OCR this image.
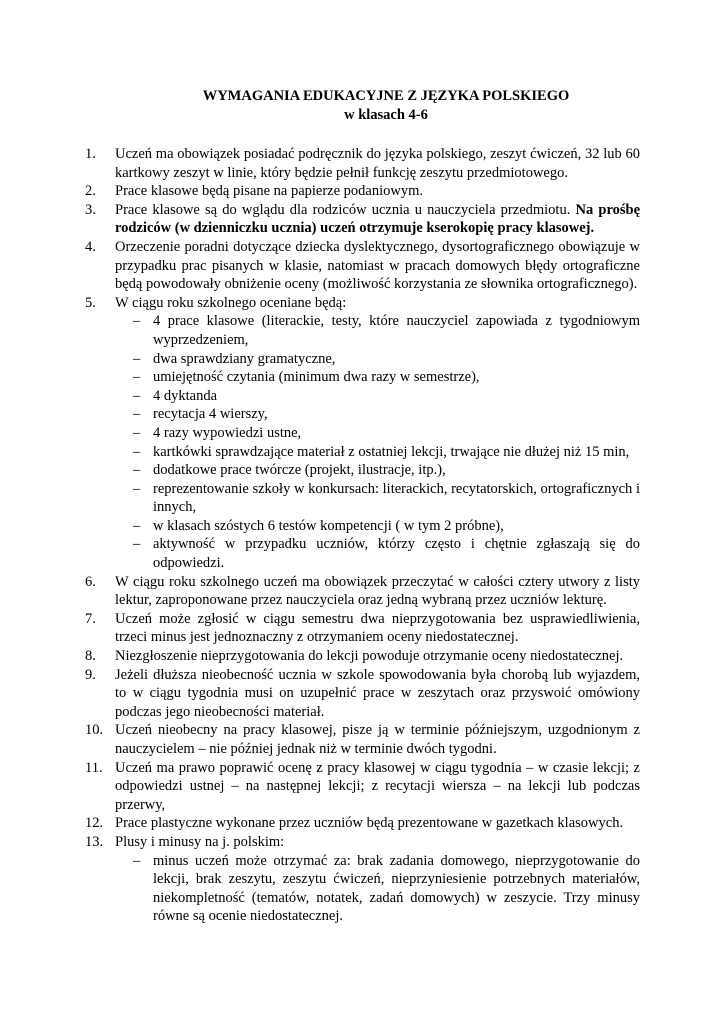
WYMAGANIA EDUKACYJNE Z JĘZYKA POLSKIEGO
w klasach 4-6
1.	Uczeń ma obowiązek posiadać podręcznik do języka polskiego, zeszyt ćwiczeń, 32 lub 60 kartkowy zeszyt w linie, który będzie pełnił funkcję zeszytu przedmiotowego.
2.	Prace klasowe będą pisane na papierze podaniowym.
3.	Prace klasowe są do wglądu dla rodziców ucznia u nauczyciela przedmiotu. Na prośbę rodziców (w dzienniczku ucznia) uczeń otrzymuje kserokopię pracy klasowej.
4.	Orzeczenie poradni dotyczące dziecka dyslektycznego, dysortograficznego obowiązuje w przypadku prac pisanych w klasie, natomiast w pracach domowych błędy ortograficzne będą powodowały obniżenie oceny (możliwość korzystania ze słownika ortograficznego).
5.	W ciągu roku szkolnego oceniane będą:
– 4 prace klasowe (literackie, testy, które nauczyciel zapowiada z tygodniowym wyprzedzeniem,
– dwa sprawdziany gramatyczne,
– umiejętność czytania (minimum dwa razy w semestrze),
– 4 dyktanda
– recytacja 4 wierszy,
– 4 razy wypowiedzi ustne,
– kartkówki sprawdzające materiał z ostatniej lekcji, trwające nie dłużej niż 15 min,
– dodatkowe prace twórcze (projekt, ilustracje, itp.),
– reprezentowanie szkoły w konkursach: literackich, recytatorskich, ortograficznych i innych,
– w klasach szóstych 6 testów kompetencji ( w tym 2 próbne),
– aktywność w przypadku uczniów, którzy często i chętnie zgłaszają się do odpowiedzi.
6.	W ciągu roku szkolnego uczeń ma obowiązek przeczytać w całości cztery utwory z listy lektur, zaproponowane przez nauczyciela oraz jedną wybraną przez uczniów lekturę.
7.	Uczeń może zgłosić w ciągu semestru dwa nieprzygotowania bez usprawiedliwienia, trzeci minus jest jednoznaczny z otrzymaniem oceny niedostatecznej.
8.	Niezgłoszenie nieprzygotowania do lekcji powoduje otrzymanie oceny niedostatecznej.
9.	Jeżeli dłuższa nieobecność ucznia w szkole spowodowania była chorobą lub wyjazdem, to w ciągu tygodnia musi on uzupełnić prace w zeszytach oraz przyswoić omówiony podczas jego nieobecności materiał.
10. Uczeń nieobecny na pracy klasowej, pisze ją w terminie późniejszym, uzgodnionym z nauczycielem – nie później jednak niż w terminie dwóch tygodni.
11. Uczeń ma prawo poprawić ocenę z pracy klasowej w ciągu tygodnia – w czasie lekcji; z odpowiedzi ustnej – na następnej lekcji; z recytacji wiersza – na lekcji lub podczas przerwy,
12. Prace plastyczne wykonane przez uczniów będą prezentowane w gazetkach klasowych.
13. Plusy i minusy na j. polskim:
– minus uczeń może otrzymać za: brak zadania domowego, nieprzygotowanie do lekcji, brak zeszytu, zeszytu ćwiczeń, nieprzyniesienie potrzebnych materiałów, niekompletność (tematów, notatek, zadań domowych) w zeszycie. Trzy minusy równe są ocenie niedostatecznej.
